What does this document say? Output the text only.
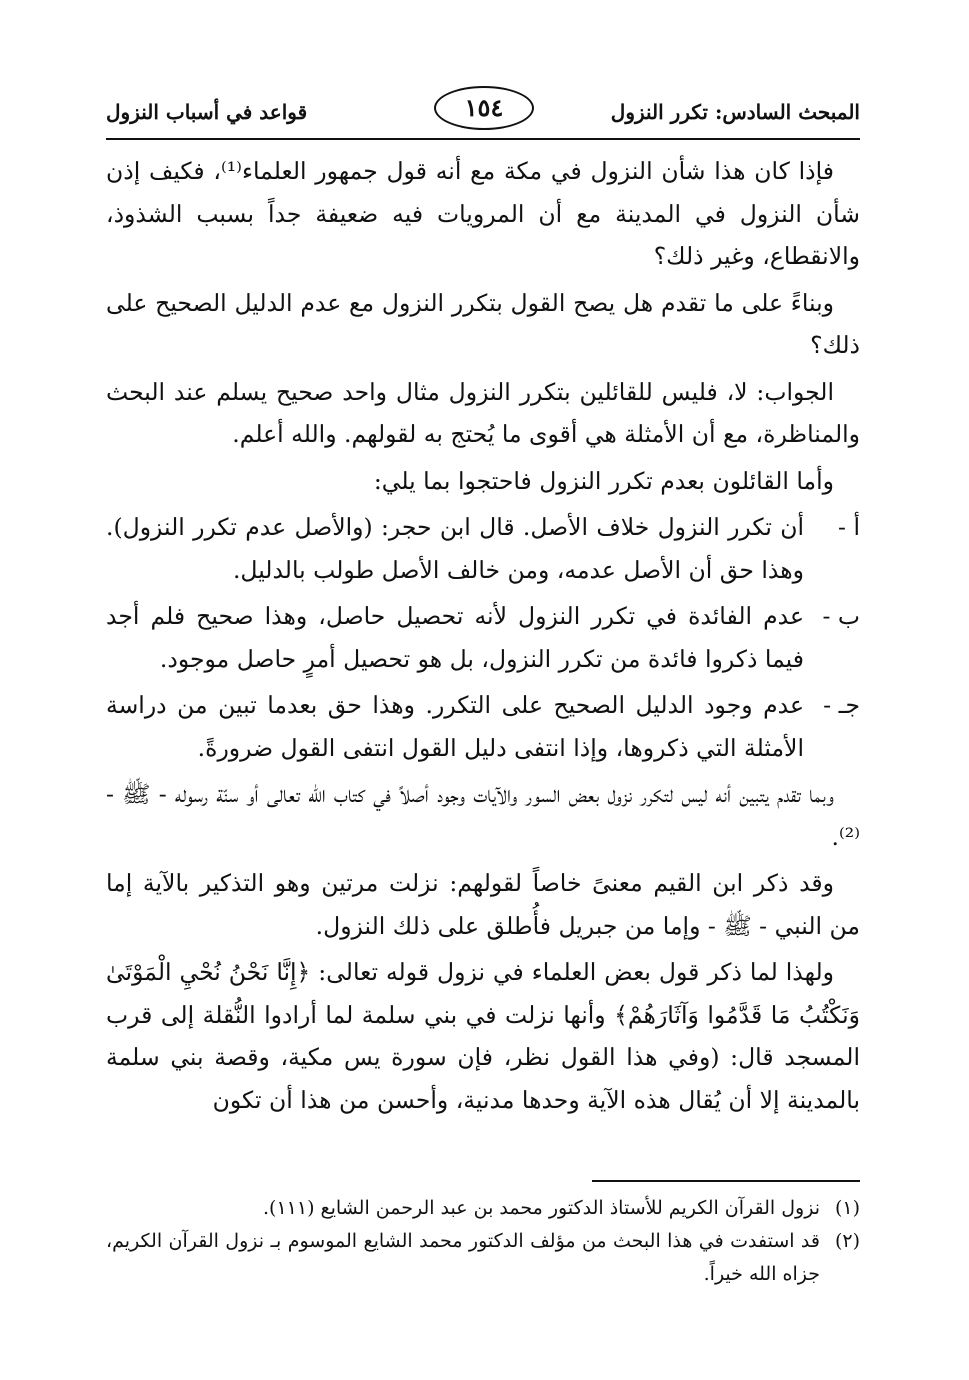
المبحث السادس: تكرر النزول
١٥٤
قواعد في أسباب النزول

فإذا كان هذا شأن النزول في مكة مع أنه قول جمهور العلماء⁽¹⁾، فكيف إذن شأن النزول في المدينة مع أن المرويات فيه ضعيفة جداً بسبب الشذوذ، والانقطاع، وغير ذلك؟

وبناءً على ما تقدم هل يصح القول بتكرر النزول مع عدم الدليل الصحيح على ذلك؟

الجواب: لا، فليس للقائلين بتكرر النزول مثال واحد صحيح يسلم عند البحث والمناظرة، مع أن الأمثلة هي أقوى ما يُحتج به لقولهم. والله أعلم.

وأما القائلون بعدم تكرر النزول فاحتجوا بما يلي:

أ -
أن تكرر النزول خلاف الأصل. قال ابن حجر: (والأصل عدم تكرر النزول). وهذا حق أن الأصل عدمه، ومن خالف الأصل طولب بالدليل.
ب -
عدم الفائدة في تكرر النزول لأنه تحصيل حاصل، وهذا صحيح فلم أجد فيما ذكروا فائدة من تكرر النزول، بل هو تحصيل أمرٍ حاصل موجود.
جـ -
عدم وجود الدليل الصحيح على التكرر. وهذا حق بعدما تبين من دراسة الأمثلة التي ذكروها، وإذا انتفى دليل القول انتفى القول ضرورةً.

وبما تقدم يتبين أنه ليس لتكرر نزول بعض السور والآيات وجود أصلاً في كتاب الله تعالى أو سنّة رسوله - ﷺ -⁽²⁾.

وقد ذكر ابن القيم معنىً خاصاً لقولهم: نزلت مرتين وهو التذكير بالآية إما من النبي - ﷺ - وإما من جبريل فأُطلق على ذلك النزول.

ولهذا لما ذكر قول بعض العلماء في نزول قوله تعالى: ﴿إِنَّا نَحْنُ نُحْيِ الْمَوْتَىٰ وَنَكْتُبُ مَا قَدَّمُوا وَآثَارَهُمْ﴾ وأنها نزلت في بني سلمة لما أرادوا النُّقلة إلى قرب المسجد قال: (وفي هذا القول نظر، فإن سورة يس مكية، وقصة بني سلمة بالمدينة إلا أن يُقال هذه الآية وحدها مدنية، وأحسن من هذا أن تكون

(١)
نزول القرآن الكريم للأستاذ الدكتور محمد بن عبد الرحمن الشايع (١١١).
(٢)
قد استفدت في هذا البحث من مؤلف الدكتور محمد الشايع الموسوم بـ نزول القرآن الكريم، جزاه الله خيراً.
